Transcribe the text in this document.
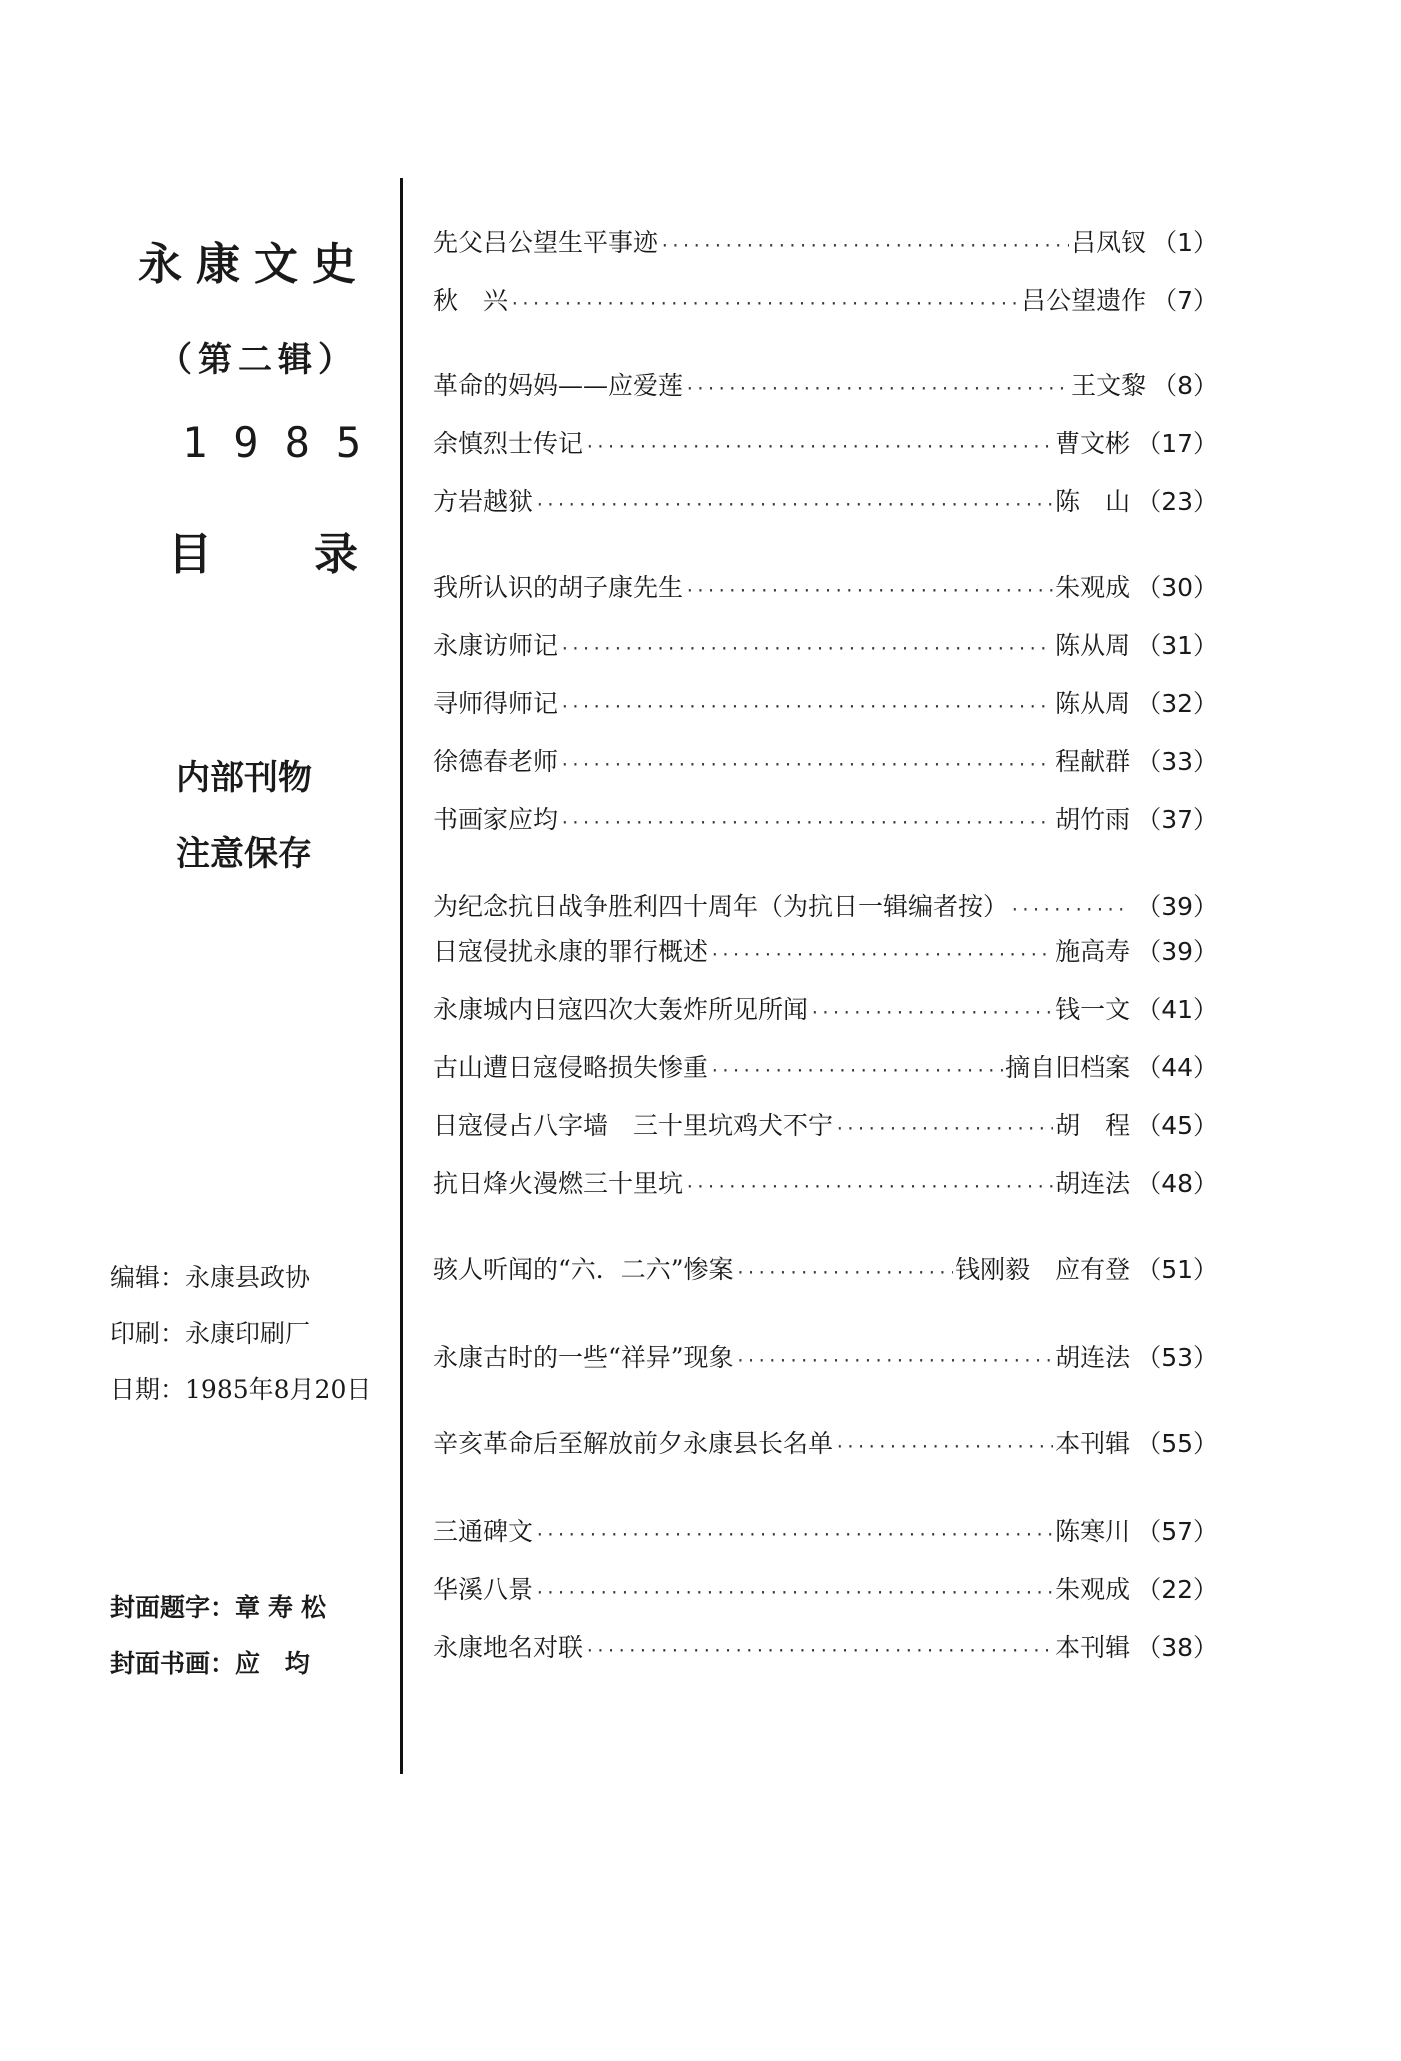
永康文史
（第二辑）
1985
目 录
内部刊物
注意保存
编辑：永康县政协
印刷：永康印刷厂
日期：1985年8月20日
封面题字：章寿松
封面书画：应 均
先父吕公望生平事迹 ·····	吕凤钗 （1）
秋　兴 ·····	吕公望遗作 （7）
革命的妈妈——应爱莲 ·····	王文黎 （8）
余慎烈士传记 ·····	曹文彬 （17）
方岩越狱 ·····	陈　山 （23）
我所认识的胡子康先生 ·····	朱观成 （30）
永康访师记 ·····	陈从周 （31）
寻师得师记 ·····	陈从周 （32）
徐德春老师 ·····	程献群 （33）
书画家应均 ·····	胡竹雨 （37）
为纪念抗日战争胜利四十周年（为抗日一辑编者按） ·····	（39）
日寇侵扰永康的罪行概述 ·····	施高寿 （39）
永康城内日寇四次大轰炸所见所闻 ·····	钱一文 （41）
古山遭日寇侵略损失惨重 ·····	摘自旧档案 （44）
日寇侵占八字墙　三十里坑鸡犬不宁 ·····	胡　程 （45）
抗日烽火漫燃三十里坑 ·····	胡连法 （48）
骇人听闻的“六．二六”惨案 ·····	钱刚毅　应有登 （51）
永康古时的一些“祥异”现象 ·····	胡连法 （53）
辛亥革命后至解放前夕永康县长名单 ·····	本刊辑 （55）
三通碑文 ·····	陈寒川 （57）
华溪八景 ·····	朱观成 （22）
永康地名对联 ·····	本刊辑 （38）
